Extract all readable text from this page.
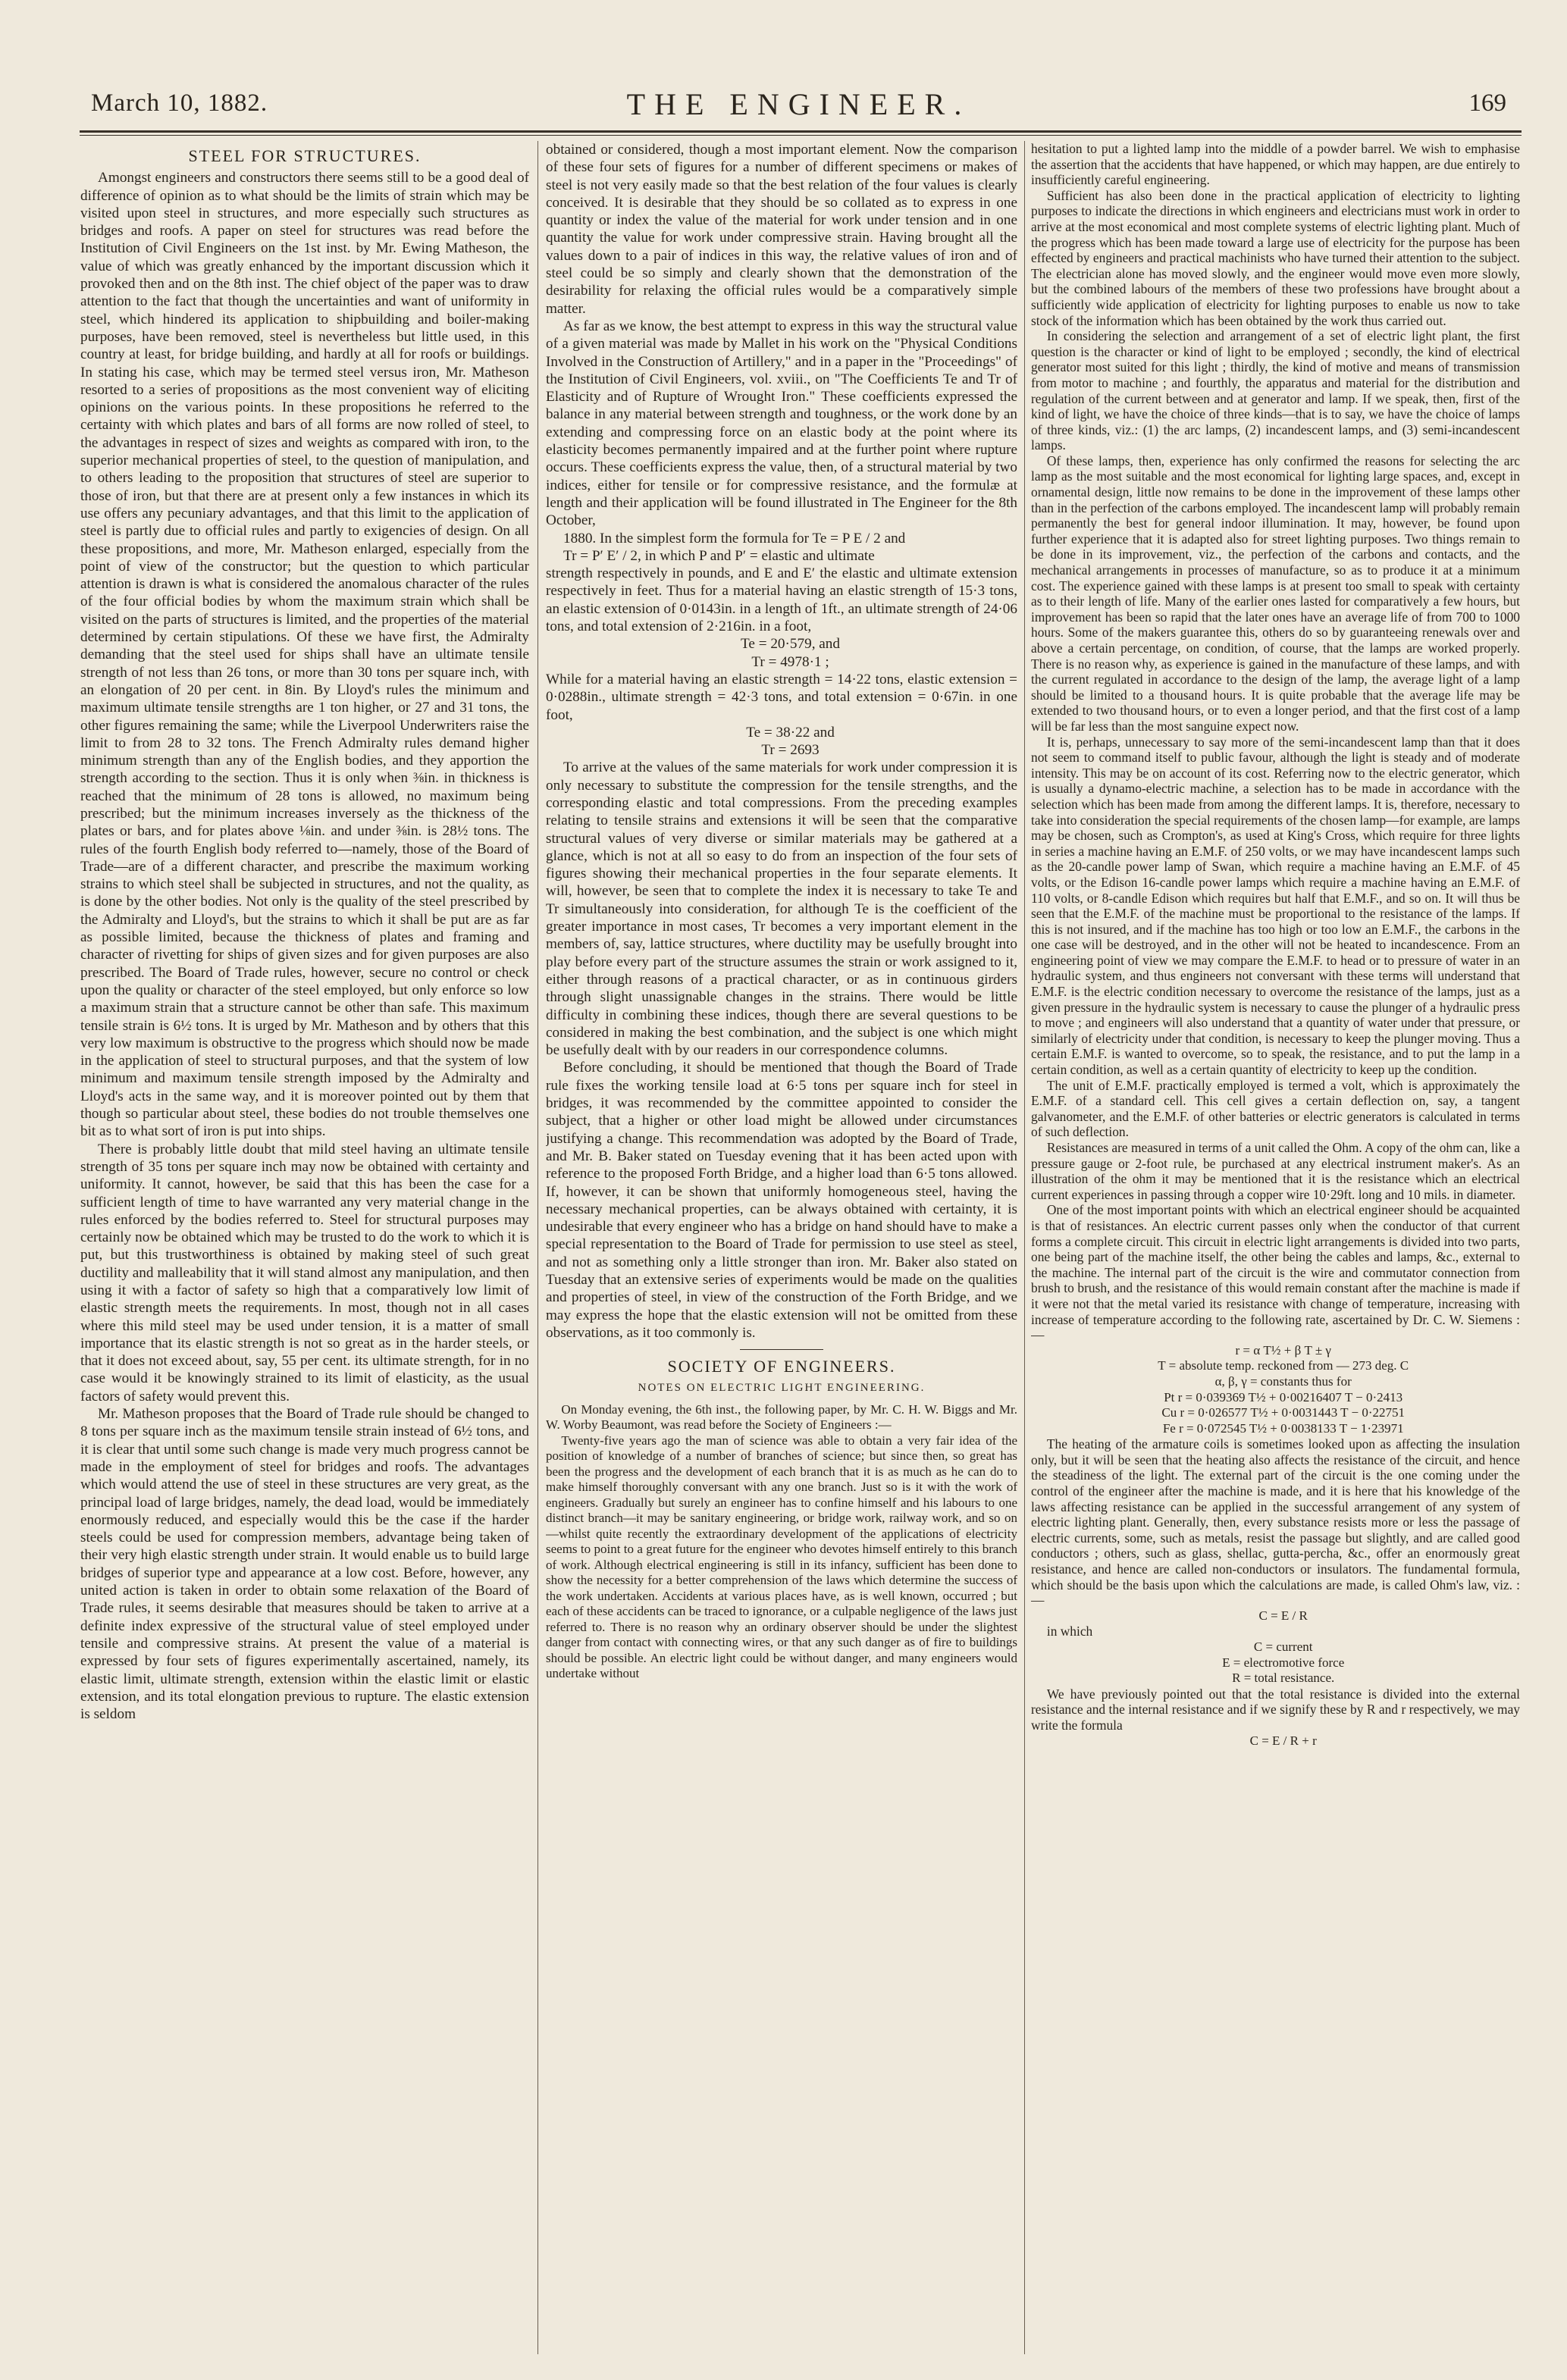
March 10, 1882.	THE ENGINEER.	169
STEEL FOR STRUCTURES.

Amongst engineers and constructors there seems still to be a good deal of difference of opinion as to what should be the limits of strain which may be visited upon steel in structures, and more especially such structures as bridges and roofs. A paper on steel for structures was read before the Institution of Civil Engineers on the 1st inst. by Mr. Ewing Matheson, the value of which was greatly enhanced by the important discussion which it provoked then and on the 8th inst. The chief object of the paper was to draw attention to the fact that though the uncertainties and want of uniformity in steel, which hindered its application to shipbuilding and boiler-making purposes, have been removed, steel is nevertheless but little used, in this country at least, for bridge building, and hardly at all for roofs or buildings. In stating his case, which may be termed steel versus iron, Mr. Matheson resorted to a series of propositions as the most convenient way of eliciting opinions on the various points. In these propositions he referred to the certainty with which plates and bars of all forms are now rolled of steel, to the advantages in respect of sizes and weights as compared with iron, to the superior mechanical properties of steel, to the question of manipulation, and to others leading to the proposition that structures of steel are superior to those of iron, but that there are at present only a few instances in which its use offers any pecuniary advantages, and that this limit to the application of steel is partly due to official rules and partly to exigencies of design. On all these propositions, and more, Mr. Matheson enlarged, especially from the point of view of the constructor; but the question to which particular attention is drawn is what is considered the anomalous character of the rules of the four official bodies by whom the maximum strain which shall be visited on the parts of structures is limited, and the properties of the material determined by certain stipulations. Of these we have first, the Admiralty demanding that the steel used for ships shall have an ultimate tensile strength of not less than 26 tons, or more than 30 tons per square inch, with an elongation of 20 per cent. in 8in. By Lloyd's rules the minimum and maximum ultimate tensile strengths are 1 ton higher, or 27 and 31 tons, the other figures remaining the same; while the Liverpool Underwriters raise the limit to from 28 to 32 tons. The French Admiralty rules demand higher minimum strength than any of the English bodies, and they apportion the strength according to the section. Thus it is only when ⅜in. in thickness is reached that the minimum of 28 tons is allowed, no maximum being prescribed; but the minimum increases inversely as the thickness of the plates or bars, and for plates above ⅛in. and under ⅜in. is 28½ tons. The rules of the fourth English body referred to—namely, those of the Board of Trade—are of a different character, and prescribe the maximum working strains to which steel shall be subjected in structures, and not the quality, as is done by the other bodies. Not only is the quality of the steel prescribed by the Admiralty and Lloyd's, but the strains to which it shall be put are as far as possible limited, because the thickness of plates and framing and character of rivetting for ships of given sizes and for given purposes are also prescribed. The Board of Trade rules, however, secure no control or check upon the quality or character of the steel employed, but only enforce so low a maximum strain that a structure cannot be other than safe. This maximum tensile strain is 6½ tons. It is urged by Mr. Matheson and by others that this very low maximum is obstructive to the progress which should now be made in the application of steel to structural purposes, and that the system of low minimum and maximum tensile strength imposed by the Admiralty and Lloyd's acts in the same way, and it is moreover pointed out by them that though so particular about steel, these bodies do not trouble themselves one bit as to what sort of iron is put into ships.

There is probably little doubt that mild steel having an ultimate tensile strength of 35 tons per square inch may now be obtained with certainty and uniformity. It cannot, however, be said that this has been the case for a sufficient length of time to have warranted any very material change in the rules enforced by the bodies referred to. Steel for structural purposes may certainly now be obtained which may be trusted to do the work to which it is put, but this trustworthiness is obtained by making steel of such great ductility and malleability that it will stand almost any manipulation, and then using it with a factor of safety so high that a comparatively low limit of elastic strength meets the requirements. In most, though not in all cases where this mild steel may be used under tension, it is a matter of small importance that its elastic strength is not so great as in the harder steels, or that it does not exceed about, say, 55 per cent. its ultimate strength, for in no case would it be knowingly strained to its limit of elasticity, as the usual factors of safety would prevent this.

Mr. Matheson proposes that the Board of Trade rule should be changed to 8 tons per square inch as the maximum tensile strain instead of 6½ tons, and it is clear that until some such change is made very much progress cannot be made in the employment of steel for bridges and roofs. The advantages which would attend the use of steel in these structures are very great, as the principal load of large bridges, namely, the dead load, would be immediately enormously reduced, and especially would this be the case if the harder steels could be used for compression members, advantage being taken of their very high elastic strength under strain. It would enable us to build large bridges of superior type and appearance at a low cost. Before, however, any united action is taken in order to obtain some relaxation of the Board of Trade rules, it seems desirable that measures should be taken to arrive at a definite index expressive of the structural value of steel employed under tensile and compressive strains. At present the value of a material is expressed by four sets of figures experimentally ascertained, namely, its elastic limit, ultimate strength, extension within the elastic limit or elastic extension, and its total elongation previous to rupture. The elastic extension is seldom

obtained or considered, though a most important element. Now the comparison of these four sets of figures for a number of different specimens or makes of steel is not very easily made so that the best relation of the four values is clearly conceived. It is desirable that they should be so collated as to express in one quantity or index the value of the material for work under tension and in one quantity the value for work under compressive strain. Having brought all the values down to a pair of indices in this way, the relative values of iron and of steel could be so simply and clearly shown that the demonstration of the desirability for relaxing the official rules would be a comparatively simple matter.

As far as we know, the best attempt to express in this way the structural value of a given material was made by Mallet in his work on the "Physical Conditions Involved in the Construction of Artillery," and in a paper in the "Proceedings" of the Institution of Civil Engineers, vol. xviii., on "The Coefficients Te and Tr of Elasticity and of Rupture of Wrought Iron." These coefficients expressed the balance in any material between strength and toughness, or the work done by an extending and compressing force on an elastic body at the point where its elasticity becomes permanently impaired and at the further point where rupture occurs. These coefficients express the value, then, of a structural material by two indices, either for tensile or for compressive resistance, and the formulæ at length and their application will be found illustrated in The Engineer for the 8th October,

1880. In the simplest form the formula for Te = P E / 2 and

Tr = P′ E′ / 2, in which P and P′ = elastic and ultimate

strength respectively in pounds, and E and E′ the elastic and ultimate extension respectively in feet. Thus for a material having an elastic strength of 15·3 tons, an elastic extension of 0·0143in. in a length of 1ft., an ultimate strength of 24·06 tons, and total extension of 2·216in. in a foot,

Te = 20·579, and

Tr = 4978·1 ;

While for a material having an elastic strength = 14·22 tons, elastic extension = 0·0288in., ultimate strength = 42·3 tons, and total extension = 0·67in. in one foot,

Te = 38·22 and

Tr = 2693

To arrive at the values of the same materials for work under compression it is only necessary to substitute the compression for the tensile strengths, and the corresponding elastic and total compressions. From the preceding examples relating to tensile strains and extensions it will be seen that the comparative structural values of very diverse or similar materials may be gathered at a glance, which is not at all so easy to do from an inspection of the four sets of figures showing their mechanical properties in the four separate elements. It will, however, be seen that to complete the index it is necessary to take Te and Tr simultaneously into consideration, for although Te is the coefficient of the greater importance in most cases, Tr becomes a very important element in the members of, say, lattice structures, where ductility may be usefully brought into play before every part of the structure assumes the strain or work assigned to it, either through reasons of a practical character, or as in continuous girders through slight unassignable changes in the strains. There would be little difficulty in combining these indices, though there are several questions to be considered in making the best combination, and the subject is one which might be usefully dealt with by our readers in our correspondence columns.

Before concluding, it should be mentioned that though the Board of Trade rule fixes the working tensile load at 6·5 tons per square inch for steel in bridges, it was recommended by the committee appointed to consider the subject, that a higher or other load might be allowed under circumstances justifying a change. This recommendation was adopted by the Board of Trade, and Mr. B. Baker stated on Tuesday evening that it has been acted upon with reference to the proposed Forth Bridge, and a higher load than 6·5 tons allowed. If, however, it can be shown that uniformly homogeneous steel, having the necessary mechanical properties, can be always obtained with certainty, it is undesirable that every engineer who has a bridge on hand should have to make a special representation to the Board of Trade for permission to use steel as steel, and not as something only a little stronger than iron. Mr. Baker also stated on Tuesday that an extensive series of experiments would be made on the qualities and properties of steel, in view of the construction of the Forth Bridge, and we may express the hope that the elastic extension will not be omitted from these observations, as it too commonly is.

SOCIETY OF ENGINEERS.
NOTES ON ELECTRIC LIGHT ENGINEERING.

On Monday evening, the 6th inst., the following paper, by Mr. C. H. W. Biggs and Mr. W. Worby Beaumont, was read before the Society of Engineers :—

Twenty-five years ago the man of science was able to obtain a very fair idea of the position of knowledge of a number of branches of science; but since then, so great has been the progress and the development of each branch that it is as much as he can do to make himself thoroughly conversant with any one branch. Just so is it with the work of engineers. Gradually but surely an engineer has to confine himself and his labours to one distinct branch—it may be sanitary engineering, or bridge work, railway work, and so on—whilst quite recently the extraordinary development of the applications of electricity seems to point to a great future for the engineer who devotes himself entirely to this branch of work. Although electrical engineering is still in its infancy, sufficient has been done to show the necessity for a better comprehension of the laws which determine the success of the work undertaken. Accidents at various places have, as is well known, occurred ; but each of these accidents can be traced to ignorance, or a culpable negligence of the laws just referred to. There is no reason why an ordinary observer should be under the slightest danger from contact with connecting wires, or that any such danger as of fire to buildings should be possible. An electric light could be without danger, and many engineers would undertake without

hesitation to put a lighted lamp into the middle of a powder barrel. We wish to emphasise the assertion that the accidents that have happened, or which may happen, are due entirely to insufficiently careful engineering.

Sufficient has also been done in the practical application of electricity to lighting purposes to indicate the directions in which engineers and electricians must work in order to arrive at the most economical and most complete systems of electric lighting plant. Much of the progress which has been made toward a large use of electricity for the purpose has been effected by engineers and practical machinists who have turned their attention to the subject. The electrician alone has moved slowly, and the engineer would move even more slowly, but the combined labours of the members of these two professions have brought about a sufficiently wide application of electricity for lighting purposes to enable us now to take stock of the information which has been obtained by the work thus carried out.

In considering the selection and arrangement of a set of electric light plant, the first question is the character or kind of light to be employed ; secondly, the kind of electrical generator most suited for this light ; thirdly, the kind of motive and means of transmission from motor to machine ; and fourthly, the apparatus and material for the distribution and regulation of the current between and at generator and lamp. If we speak, then, first of the kind of light, we have the choice of three kinds—that is to say, we have the choice of lamps of three kinds, viz.: (1) the arc lamps, (2) incandescent lamps, and (3) semi-incandescent lamps.

Of these lamps, then, experience has only confirmed the reasons for selecting the arc lamp as the most suitable and the most economical for lighting large spaces, and, except in ornamental design, little now remains to be done in the improvement of these lamps other than in the perfection of the carbons employed. The incandescent lamp will probably remain permanently the best for general indoor illumination. It may, however, be found upon further experience that it is adapted also for street lighting purposes. Two things remain to be done in its improvement, viz., the perfection of the carbons and contacts, and the mechanical arrangements in processes of manufacture, so as to produce it at a minimum cost. The experience gained with these lamps is at present too small to speak with certainty as to their length of life. Many of the earlier ones lasted for comparatively a few hours, but improvement has been so rapid that the later ones have an average life of from 700 to 1000 hours. Some of the makers guarantee this, others do so by guaranteeing renewals over and above a certain percentage, on condition, of course, that the lamps are worked properly. There is no reason why, as experience is gained in the manufacture of these lamps, and with the current regulated in accordance to the design of the lamp, the average light of a lamp should be limited to a thousand hours. It is quite probable that the average life may be extended to two thousand hours, or to even a longer period, and that the first cost of a lamp will be far less than the most sanguine expect now.

It is, perhaps, unnecessary to say more of the semi-incandescent lamp than that it does not seem to command itself to public favour, although the light is steady and of moderate intensity. This may be on account of its cost. Referring now to the electric generator, which is usually a dynamo-electric machine, a selection has to be made in accordance with the selection which has been made from among the different lamps. It is, therefore, necessary to take into consideration the special requirements of the chosen lamp—for example, are lamps may be chosen, such as Crompton's, as used at King's Cross, which require for three lights in series a machine having an E.M.F. of 250 volts, or we may have incandescent lamps such as the 20-candle power lamp of Swan, which require a machine having an E.M.F. of 45 volts, or the Edison 16-candle power lamps which require a machine having an E.M.F. of 110 volts, or 8-candle Edison which requires but half that E.M.F., and so on. It will thus be seen that the E.M.F. of the machine must be proportional to the resistance of the lamps. If this is not insured, and if the machine has too high or too low an E.M.F., the carbons in the one case will be destroyed, and in the other will not be heated to incandescence. From an engineering point of view we may compare the E.M.F. to head or to pressure of water in an hydraulic system, and thus engineers not conversant with these terms will understand that E.M.F. is the electric condition necessary to overcome the resistance of the lamps, just as a given pressure in the hydraulic system is necessary to cause the plunger of a hydraulic press to move ; and engineers will also understand that a quantity of water under that pressure, or similarly of electricity under that condition, is necessary to keep the plunger moving. Thus a certain E.M.F. is wanted to overcome, so to speak, the resistance, and to put the lamp in a certain condition, as well as a certain quantity of electricity to keep up the condition.

The unit of E.M.F. practically employed is termed a volt, which is approximately the E.M.F. of a standard cell. This cell gives a certain deflection on, say, a tangent galvanometer, and the E.M.F. of other batteries or electric generators is calculated in terms of such deflection.

Resistances are measured in terms of a unit called the Ohm. A copy of the ohm can, like a pressure gauge or 2-foot rule, be purchased at any electrical instrument maker's. As an illustration of the ohm it may be mentioned that it is the resistance which an electrical current experiences in passing through a copper wire 10·29ft. long and 10 mils. in diameter.

One of the most important points with which an electrical engineer should be acquainted is that of resistances. An electric current passes only when the conductor of that current forms a complete circuit. This circuit in electric light arrangements is divided into two parts, one being part of the machine itself, the other being the cables and lamps, &c., external to the machine. The internal part of the circuit is the wire and commutator connection from brush to brush, and the resistance of this would remain constant after the machine is made if it were not that the metal varied its resistance with change of temperature, increasing with increase of temperature according to the following rate, ascertained by Dr. C. W. Siemens :—

r = α T½ + β T ± γ

T = absolute temp. reckoned from — 273 deg. C

α, β, γ = constants thus for

Pt r = 0·039369 T½ + 0·00216407 T − 0·2413

Cu r = 0·026577 T½ + 0·0031443 T − 0·22751

Fe r = 0·072545 T½ + 0·0038133 T − 1·23971

The heating of the armature coils is sometimes looked upon as affecting the insulation only, but it will be seen that the heating also affects the resistance of the circuit, and hence the steadiness of the light. The external part of the circuit is the one coming under the control of the engineer after the machine is made, and it is here that his knowledge of the laws affecting resistance can be applied in the successful arrangement of any system of electric lighting plant. Generally, then, every substance resists more or less the passage of electric currents, some, such as metals, resist the passage but slightly, and are called good conductors ; others, such as glass, shellac, gutta-percha, &c., offer an enormously great resistance, and hence are called non-conductors or insulators. The fundamental formula, which should be the basis upon which the calculations are made, is called Ohm's law, viz. :—

C = E / R

in which

C = current

E = electromotive force

R = total resistance.

We have previously pointed out that the total resistance is divided into the external resistance and the internal resistance and if we signify these by R and r respectively, we may write the formula

C = E / R + r
